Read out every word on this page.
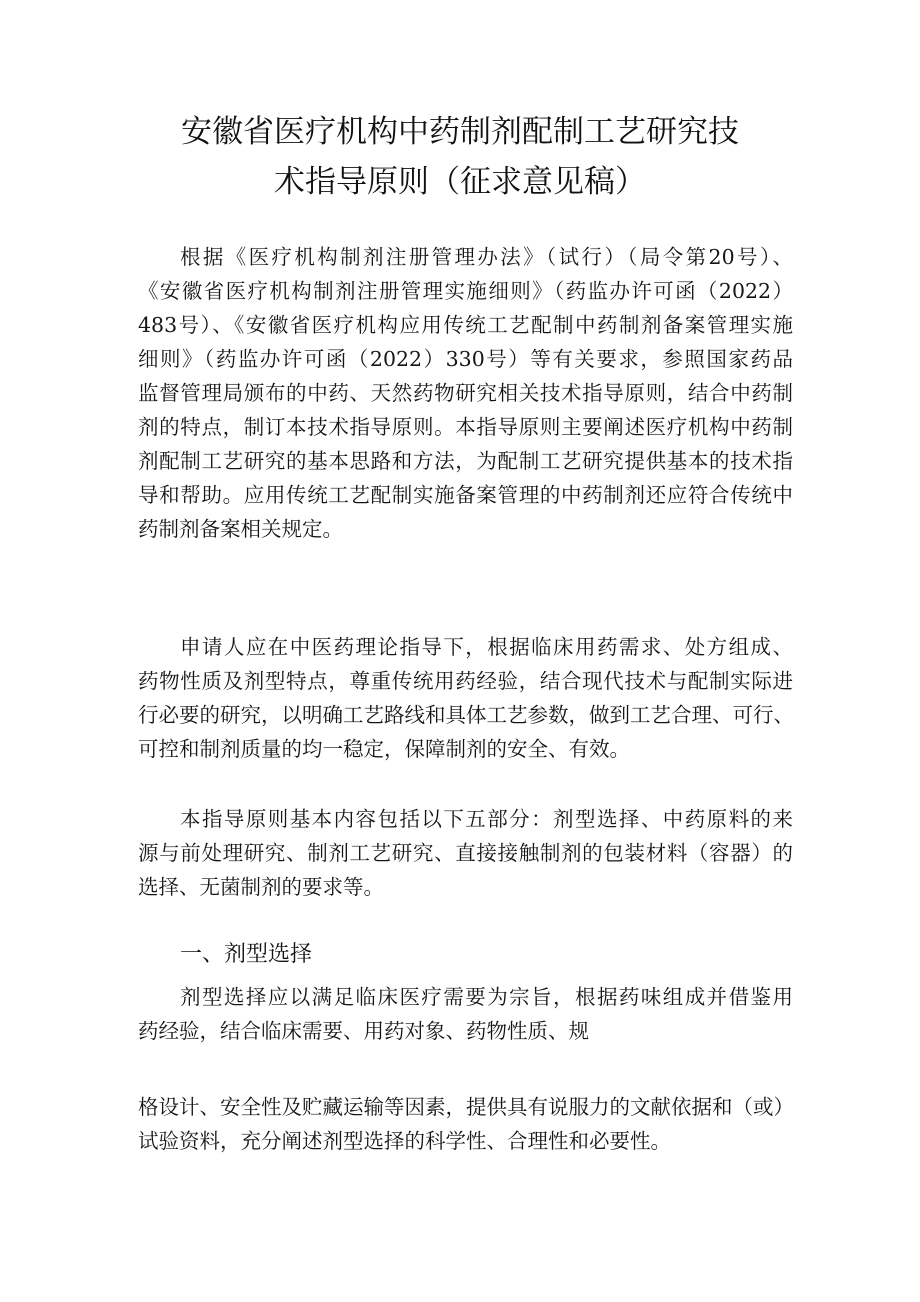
安徽省医疗机构中药制剂配制工艺研究技
术指导原则（征求意见稿）
根据《医疗机构制剂注册管理办法》（试行）（局令第20号）、
《安徽省医疗机构制剂注册管理实施细则》（药监办许可函（2022）
483号）、《安徽省医疗机构应用传统工艺配制中药制剂备案管理实施
细则》（药监办许可函（2022）330号）等有关要求，参照国家药品
监督管理局颁布的中药、天然药物研究相关技术指导原则，结合中药制
剂的特点，制订本技术指导原则。本指导原则主要阐述医疗机构中药制
剂配制工艺研究的基本思路和方法，为配制工艺研究提供基本的技术指
导和帮助。应用传统工艺配制实施备案管理的中药制剂还应符合传统中
药制剂备案相关规定。
申请人应在中医药理论指导下，根据临床用药需求、处方组成、
药物性质及剂型特点，尊重传统用药经验，结合现代技术与配制实际进
行必要的研究，以明确工艺路线和具体工艺参数，做到工艺合理、可行、
可控和制剂质量的均一稳定，保障制剂的安全、有效。
本指导原则基本内容包括以下五部分：剂型选择、中药原料的来
源与前处理研究、制剂工艺研究、直接接触制剂的包装材料（容器）的
选择、无菌制剂的要求等。
一、剂型选择
剂型选择应以满足临床医疗需要为宗旨，根据药味组成并借鉴用
药经验，结合临床需要、用药对象、药物性质、规
格设计、安全性及贮藏运输等因素，提供具有说服力的文献依据和（或）
试验资料，充分阐述剂型选择的科学性、合理性和必要性。
